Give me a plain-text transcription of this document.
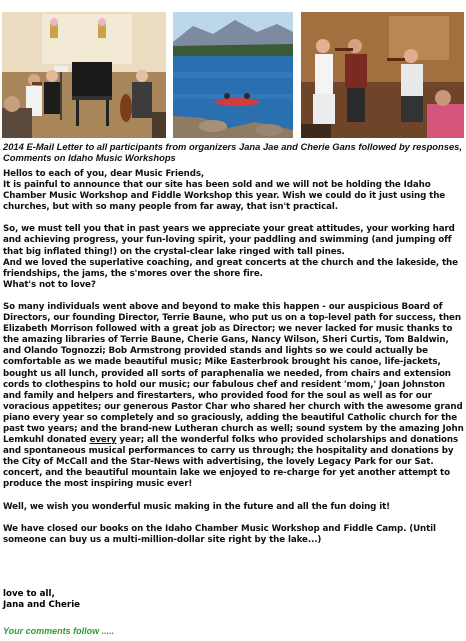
2014 E-Mail Letter to all participants from organizers Jana Jae and Cherie Gans followed by responses, Comments on Idaho Music Workshops

Hellos to each of you, dear Music Friends,

It is painful to announce that our site has been sold and we will not be holding the Idaho Chamber Music Workshop and Fiddle Workshop this year. Wish we could do it just using the churches, but with so many people from far away, that isn't practical.

So, we must tell you that in past years we appreciate your great attitudes, your working hard and achieving progress, your fun-loving spirit, your paddling and swimming (and jumping off that big inflated thing!) on the crystal-clear lake ringed with tall pines.

And we loved the superlative coaching, and great concerts at the church and the lakeside, the friendships, the jams, the s'mores over the shore fire.

What's not to love?

So many individuals went above and beyond to make this happen - our auspicious Board of Directors, our founding Director, Terrie Baune, who put us on a top-level path for success, then Elizabeth Morrison followed with a great job as Director; we never lacked for music thanks to the amazing libraries of Terrie Baune, Cherie Gans, Nancy Wilson, Sheri Curtis, Tom Baldwin, and Olando Tognozzi; Bob Armstrong provided stands and lights so we could actually be comfortable as we made beautiful music; Mike Easterbrook brought his canoe, life-jackets, bought us all lunch, provided all sorts of paraphenalia we needed, from chairs and extension cords to clothespins to hold our music; our fabulous chef and resident 'mom,' Joan Johnston and family and helpers and firestarters, who provided food for the soul as well as for our voracious appetites; our generous Pastor Char who shared her church with the awesome grand piano every year so completely and so graciously, adding the beautiful Catholic church for the past two years; and the brand-new Lutheran church as well; sound system by the amazing John Lemkuhl donated every year; all the wonderful folks who provided scholarships and donations and spontaneous musical performances to carry us through; the hospitality and donations by the City of McCall and the Star-News with advertising, the lovely Legacy Park for our Sat. concert, and the beautiful mountain lake we enjoyed to re-charge for yet another attempt to produce the most inspiring music ever!

Well, we wish you wonderful music making in the future and all the fun doing it!

We have closed our books on the Idaho Chamber Music Workshop and Fiddle Camp. (Until someone can buy us a multi-million-dollar site right by the lake...)

love to all,
Jana and Cherie
Your comments follow .....
